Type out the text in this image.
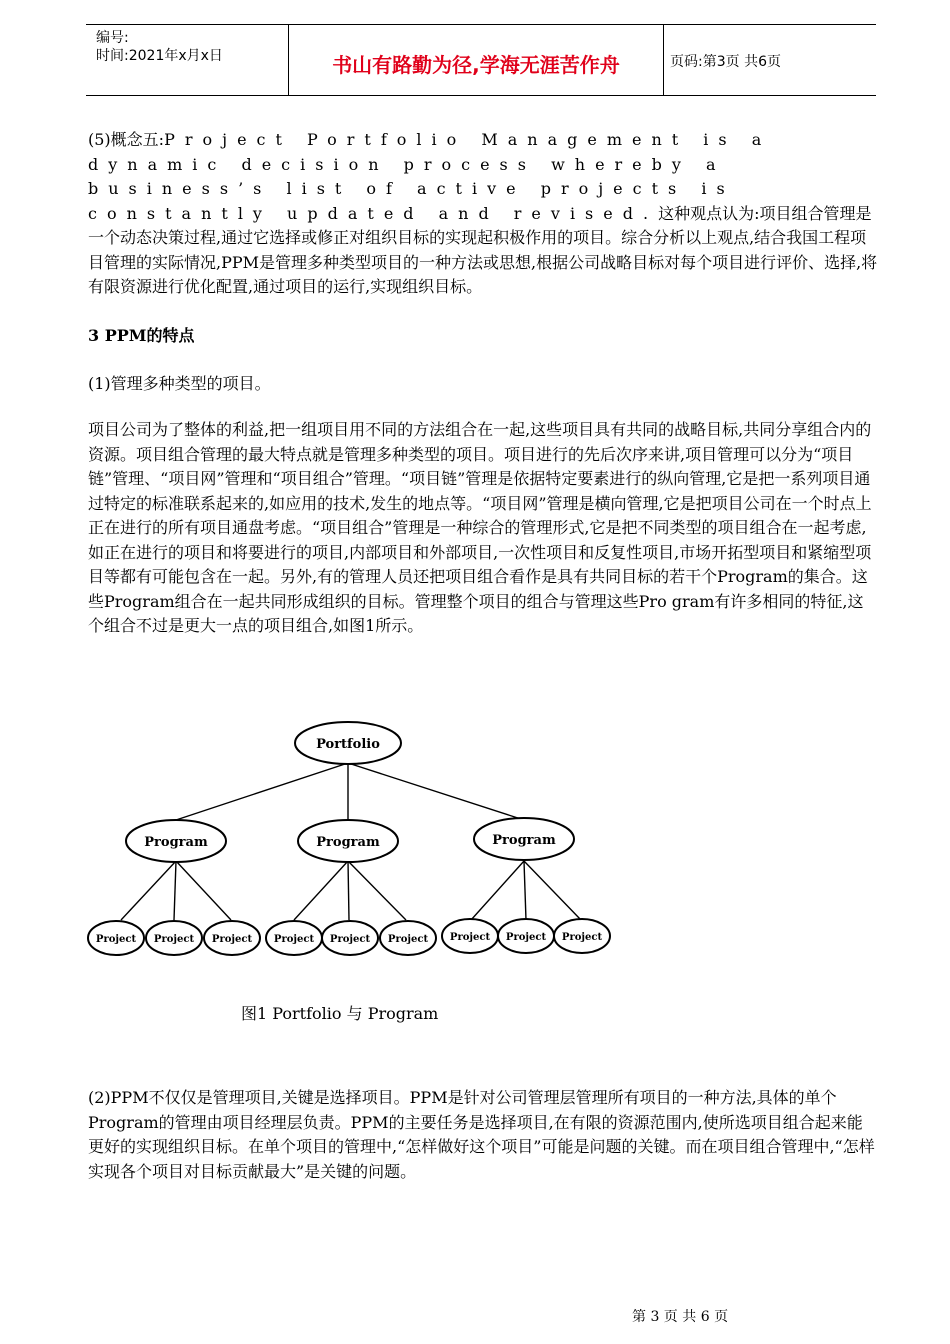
编号:
时间:2021年x月x日	书山有路勤为径,学海无涯苦作舟	页码:第3页 共6页

(5)概念五:Project Portfolio Management is a dynamic decision process whereby a business’s list of active projects is constantly updated and revised.这种观点认为:项目组合管理是一个动态决策过程,通过它选择或修正对组织目标的实现起积极作用的项目。综合分析以上观点,结合我国工程项目管理的实际情况,PPM是管理多种类型项目的一种方法或思想,根据公司战略目标对每个项目进行评价、选择,将有限资源进行优化配置,通过项目的运行,实现组织目标。

3 PPM的特点

(1)管理多种类型的项目。

项目公司为了整体的利益,把一组项目用不同的方法组合在一起,这些项目具有共同的战略目标,共同分享组合内的资源。项目组合管理的最大特点就是管理多种类型的项目。项目进行的先后次序来讲,项目管理可以分为“项目链”管理、“项目网”管理和“项目组合”管理。“项目链”管理是依据特定要素进行的纵向管理,它是把一系列项目通过特定的标准联系起来的,如应用的技术,发生的地点等。“项目网”管理是横向管理,它是把项目公司在一个时点上正在进行的所有项目通盘考虑。“项目组合”管理是一种综合的管理形式,它是把不同类型的项目组合在一起考虑,如正在进行的项目和将要进行的项目,内部项目和外部项目,一次性项目和反复性项目,市场开拓型项目和紧缩型项目等都有可能包含在一起。另外,有的管理人员还把项目组合看作是具有共同目标的若干个Program的集合。这些Program组合在一起共同形成组织的目标。管理整个项目的组合与管理这些Pro gram有许多相同的特征,这个组合不过是更大一点的项目组合,如图1所示。

Portfolio
Program	Program	Program
Project Project Project Project Project Project Project Project Project
图1 Portfolio 与 Program

(2)PPM不仅仅是管理项目,关键是选择项目。PPM是针对公司管理层管理所有项目的一种方法,具体的单个Program的管理由项目经理层负责。PPM的主要任务是选择项目,在有限的资源范围内,使所选项目组合起来能更好的实现组织目标。在单个项目的管理中,“怎样做好这个项目”可能是问题的关键。而在项目组合管理中,“怎样实现各个项目对目标贡献最大”是关键的问题。

第 3 页 共 6 页
